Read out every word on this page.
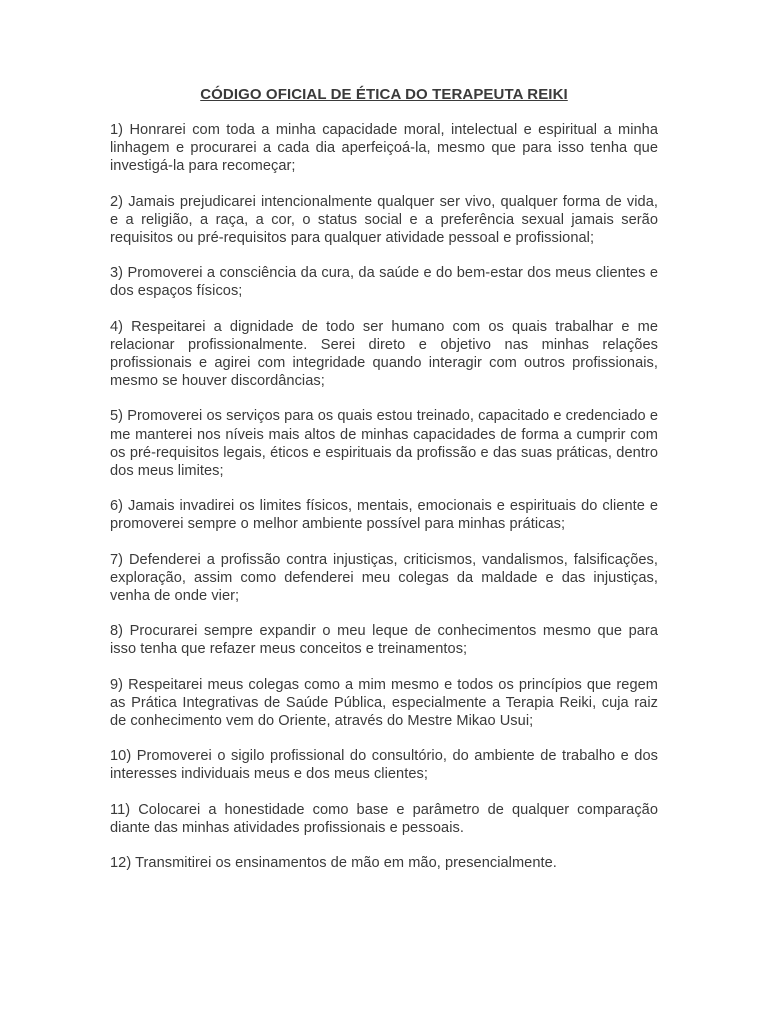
CÓDIGO OFICIAL DE ÉTICA DO TERAPEUTA REIKI

1) Honrarei com toda a minha capacidade moral, intelectual e espiritual a minha linhagem e procurarei a cada dia aperfeiçoá-la, mesmo que para isso tenha que investigá-la para recomeçar;

2) Jamais prejudicarei intencionalmente qualquer ser vivo, qualquer forma de vida, e a religião, a raça, a cor, o status social e a preferência sexual jamais serão requisitos ou pré-requisitos para qualquer atividade pessoal e profissional;

3) Promoverei a consciência da cura, da saúde e do bem-estar dos meus clientes e dos espaços físicos;

4) Respeitarei a dignidade de todo ser humano com os quais trabalhar e me relacionar profissionalmente. Serei direto e objetivo nas minhas relações profissionais e agirei com integridade quando interagir com outros profissionais, mesmo se houver discordâncias;

5) Promoverei os serviços para os quais estou treinado, capacitado e credenciado e me manterei nos níveis mais altos de minhas capacidades de forma a cumprir com os pré-requisitos legais, éticos e espirituais da profissão e das suas práticas, dentro dos meus limites;

6) Jamais invadirei os limites físicos, mentais, emocionais e espirituais do cliente e promoverei sempre o melhor ambiente possível para minhas práticas;

7) Defenderei a profissão contra injustiças, criticismos, vandalismos, falsificações, exploração, assim como defenderei meu colegas da maldade e das injustiças, venha de onde vier;

8) Procurarei sempre expandir o meu leque de conhecimentos mesmo que para isso tenha que refazer meus conceitos e treinamentos;

9) Respeitarei meus colegas como a mim mesmo e todos os princípios que regem as Prática Integrativas de Saúde Pública, especialmente a Terapia Reiki, cuja raiz de conhecimento vem do Oriente, através do Mestre Mikao Usui;

10) Promoverei o sigilo profissional do consultório, do ambiente de trabalho e dos interesses individuais meus e dos meus clientes;

11) Colocarei a honestidade como base e parâmetro de qualquer comparação diante das minhas atividades profissionais e pessoais.

12) Transmitirei os ensinamentos de mão em mão, presencialmente.
